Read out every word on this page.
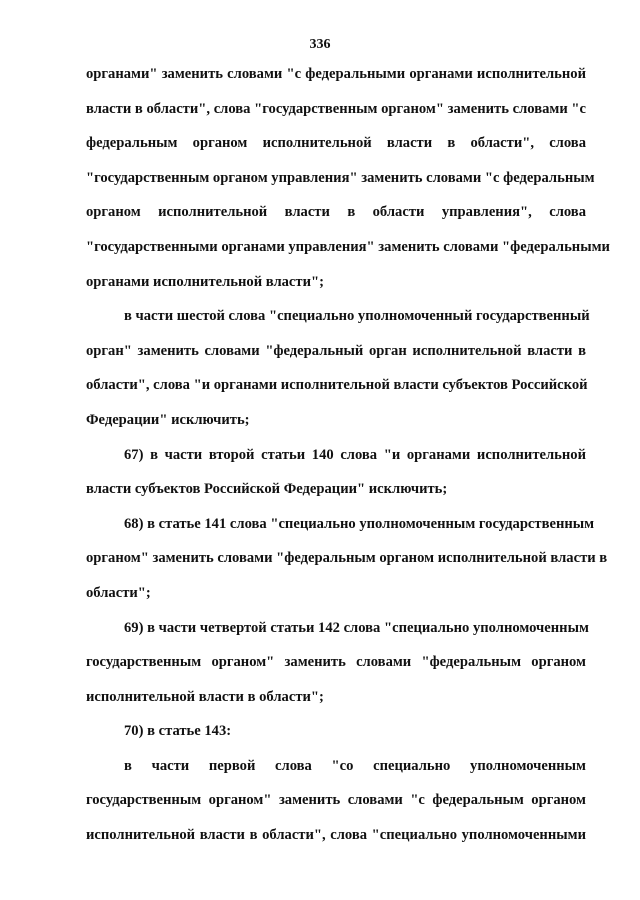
336
органами" заменить словами "с федеральными органами исполнительной
власти в области", слова "государственным органом" заменить словами "с
федеральным органом исполнительной власти в области", слова
"государственным органом управления" заменить словами "с федеральным
органом исполнительной власти в области управления", слова
"государственными органами управления" заменить словами "федеральными
органами исполнительной власти";
в части шестой слова "специально уполномоченный государственный
орган" заменить словами "федеральный орган исполнительной власти в
области", слова "и органами исполнительной власти субъектов Российской
Федерации" исключить;
67) в части второй статьи 140 слова "и органами исполнительной
власти субъектов Российской Федерации" исключить;
68) в статье 141 слова "специально уполномоченным государственным
органом" заменить словами "федеральным органом исполнительной власти в
области";
69) в части четвертой статьи 142 слова "специально уполномоченным
государственным органом" заменить словами "федеральным органом
исполнительной власти в области";
70) в статье 143:
в части первой слова "со специально уполномоченным
государственным органом" заменить словами "с федеральным органом
исполнительной власти в области", слова "специально уполномоченными
